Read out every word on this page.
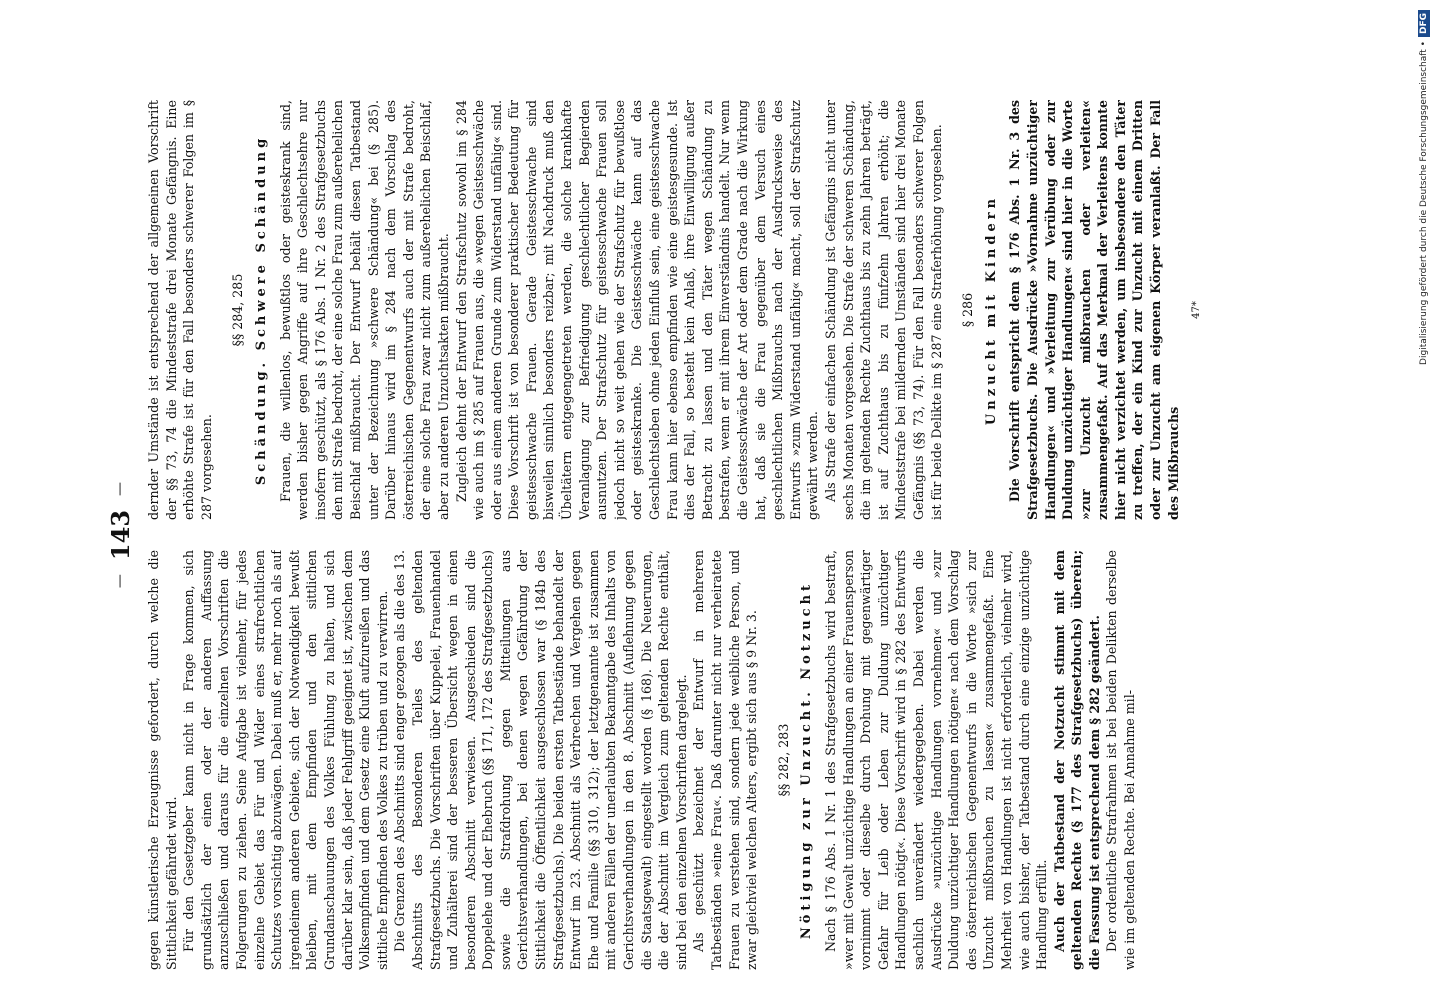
—
143
—

gegen künstlerische Erzeugnisse gefordert, durch welche die Sittlichkeit gefährdet wird. Für den Gesetzgeber kann nicht in Frage kommen, sich grundsätzlich der einen oder der anderen Auffassung anzuschließen und daraus für die einzelnen Vorschriften die Folgerungen zu ziehen. Seine Aufgabe ist vielmehr, für jedes einzelne Gebiet das Für und Wider eines strafrechtlichen Schutzes vorsichtig abzuwägen. Dabei muß er, mehr noch als auf irgendeinem anderen Gebiete, sich der Notwendigkeit bewußt bleiben, mit dem Empfinden und den sittlichen Grundanschauungen des Volkes Fühlung zu halten, und sich darüber klar sein, daß jeder Fehlgriff geeignet ist, zwischen dem Volksempfinden und dem Gesetz eine Kluft aufzureißen und das sittliche Empfinden des Volkes zu trüben und zu verwirren. Die Grenzen des Abschnitts sind enger gezogen als die des 13. Abschnitts des Besonderen Teiles des geltenden Strafgesetzbuchs. Die Vorschriften über Kuppelei, Frauenhandel und Zuhälterei sind der besseren Übersicht wegen in einen besonderen Abschnitt verwiesen. Ausgeschieden sind die Doppelehe und der Ehebruch (§§ 171, 172 des Strafgesetzbuchs) sowie die Strafdrohung gegen Mitteilungen aus Gerichtsverhandlungen, bei denen wegen Gefährdung der Sittlichkeit die Öffentlichkeit ausgeschlossen war (§ 184b des Strafgesetzbuchs). Die beiden ersten Tatbestände behandelt der Entwurf im 23. Abschnitt als Verbrechen und Vergehen gegen Ehe und Familie (§§ 310, 312); der letztgenannte ist zusammen mit anderen Fällen der unerlaubten Bekanntgabe des Inhalts von Gerichtsverhandlungen in den 8. Abschnitt (Auflehnung gegen die Staatsgewalt) eingestellt worden (§ 168). Die Neuerungen, die der Abschnitt im Vergleich zum geltenden Rechte enthält, sind bei den einzelnen Vorschriften dargelegt. Als geschützt bezeichnet der Entwurf in mehreren Tatbeständen »eine Frau«. Daß darunter nicht nur verheiratete Frauen zu verstehen sind, sondern jede weibliche Person, und zwar gleichviel welchen Alters, ergibt sich aus § 9 Nr. 3. §§ 282, 283 Nötigung zur Unzucht. Notzucht Nach § 176 Abs. 1 Nr. 1 des Strafgesetzbuchs wird bestraft, »wer mit Gewalt unzüchtige Handlungen an einer Frauensperson vornimmt oder dieselbe durch Drohung mit gegenwärtiger Gefahr für Leib oder Leben zur Duldung unzüchtiger Handlungen nötigt«. Diese Vorschrift wird in § 282 des Entwurfs sachlich unverändert wiedergegeben. Dabei werden die Ausdrücke »unzüchtige Handlungen vornehmen« und »zur Duldung unzüchtiger Handlungen nötigen« nach dem Vorschlag des österreichischen Gegenentwurfs in die Worte »sich zur Unzucht mißbrauchen zu lassen« zusammengefaßt. Eine Mehrheit von Handlungen ist nicht erforderlich, vielmehr wird, wie auch bisher, der Tatbestand durch eine einzige unzüchtige Handlung erfüllt. Auch der Tatbestand der Notzucht stimmt mit dem geltenden Rechte (§ 177 des Strafgesetzbuchs) überein; die Fassung ist entsprechend dem § 282 geändert. Der ordentliche Strafrahmen ist bei beiden Delikten derselbe wie im geltenden Rechte. Bei Annahme mil-

dernder Umstände ist entsprechend der allgemeinen Vorschrift der §§ 73, 74 die Mindeststrafe drei Monate Gefängnis. Eine erhöhte Strafe ist für den Fall besonders schwerer Folgen im § 287 vorgesehen.

§§ 284, 285 Schändung. Schwere Schändung Frauen, die willenlos, bewußtlos oder geisteskrank sind, werden bisher gegen Angriffe auf ihre Geschlechtsehre nur insofern geschützt, als § 176 Abs. 1 Nr. 2 des Strafgesetzbuchs den mit Strafe bedroht, der eine solche Frau zum außerehelichen Beischlaf mißbraucht. Der Entwurf behält diesen Tatbestand unter der Bezeichnung »schwere Schändung« bei (§ 285). Darüber hinaus wird im § 284 nach dem Vorschlag des österreichischen Gegenentwurfs auch der mit Strafe bedroht, der eine solche Frau zwar nicht zum außerehelichen Beischlaf, aber zu anderen Unzuchtsakten mißbraucht. Zugleich dehnt der Entwurf den Strafschutz sowohl im § 284 wie auch im § 285 auf Frauen aus, die »wegen Geistesschwäche oder aus einem anderen Grunde zum Widerstand unfähig« sind. Diese Vorschrift ist von besonderer praktischer Bedeutung für geistesschwache Frauen. Gerade Geistesschwache sind bisweilen sinnlich besonders reizbar; mit Nachdruck muß den Übeltätern entgegengetreten werden, die solche krankhafte Veranlagung zur Befriedigung geschlechtlicher Begierden ausnutzen. Der Strafschutz für geistesschwache Frauen soll jedoch nicht so weit gehen wie der Strafschutz für bewußtlose oder geisteskranke. Die Geistesschwäche kann auf das Geschlechtsleben ohne jeden Einfluß sein, eine geistesschwache Frau kann hier ebenso empfinden wie eine geistesgesunde. Ist dies der Fall, so besteht kein Anlaß, ihre Einwilligung außer Betracht zu lassen und den Täter wegen Schändung zu bestrafen, wenn er mit ihrem Einverständnis handelt. Nur wenn die Geistesschwäche der Art oder dem Grade nach die Wirkung hat, daß sie die Frau gegenüber dem Versuch eines geschlechtlichen Mißbrauchs nach der Ausdrucksweise des Entwurfs »zum Widerstand unfähig« macht, soll der Strafschutz gewährt werden. Als Strafe der einfachen Schändung ist Gefängnis nicht unter sechs Monaten vorgesehen. Die Strafe der schweren Schändung, die im geltenden Rechte Zuchthaus bis zu zehn Jahren beträgt, ist auf Zuchthaus bis zu fünfzehn Jahren erhöht; die Mindeststrafe bei mildernden Umständen sind hier drei Monate Gefängnis (§§ 73, 74). Für den Fall besonders schwerer Folgen ist für beide Delikte im § 287 eine Straferhöhung vorgesehen. § 286 Unzucht mit Kindern Die Vorschrift entspricht dem § 176 Abs. 1 Nr. 3 des Strafgesetzbuchs. Die Ausdrücke »Vornahme unzüchtiger Handlungen« und »Verleitung zur Verübung oder zur Duldung unzüchtiger Handlungen« sind hier in die Worte »zur Unzucht mißbrauchen oder verleiten« zusammengefaßt. Auf das Merkmal der Verleitens konnte hier nicht verzichtet werden, um insbesondere den Täter zu treffen, der ein Kind zur Unzucht mit einem Dritten oder zur Unzucht am eigenen Körper veranlaßt. Der Fall des Mißbrauchs

47*	Digitalisierung gefördert durch die Deutsche Forschungsgemeinschaft •
DFG
